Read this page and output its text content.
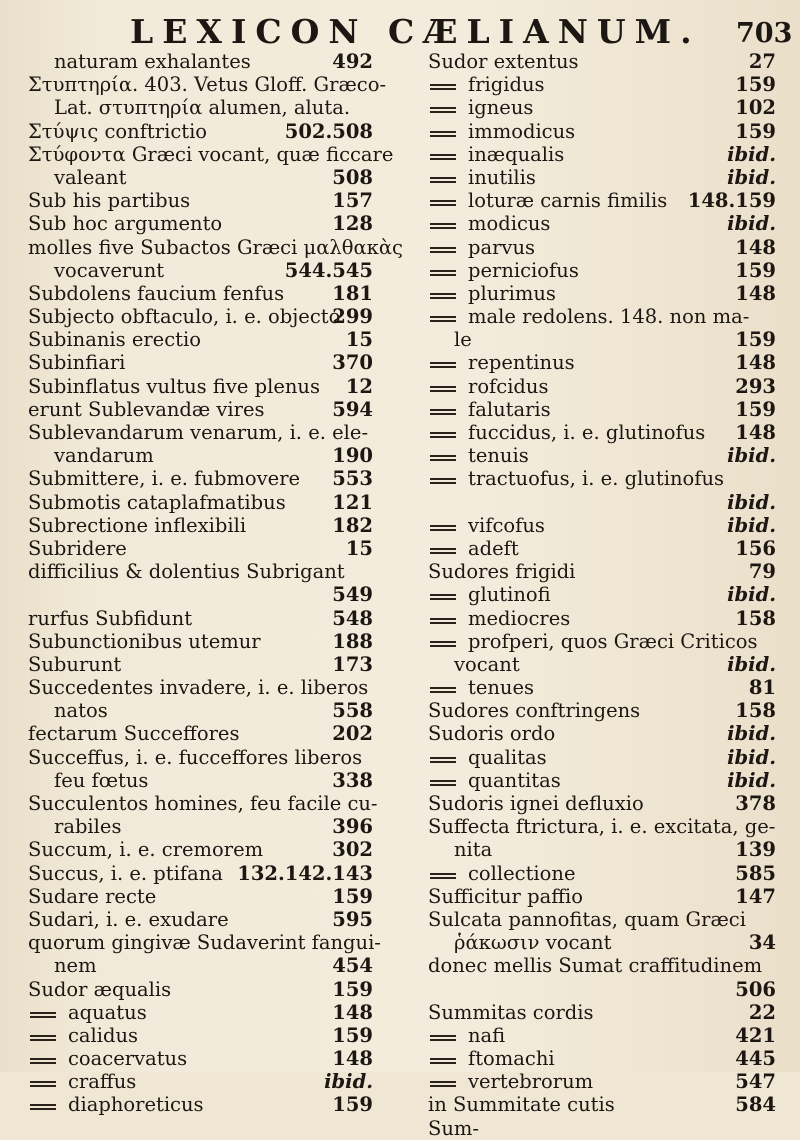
LEXICON CÆLIANUM. 703
naturam exhalantes	492
Στυπτηρία. 403. Vetus Gloff. Græco-
Lat. στυπτηρία alumen, aluta.
Στύψις conftrictio	502.508
Στύφοντα Græci vocant, quæ ficcare
valeant	508
Sub his partibus	157
Sub hoc argumento	128
molles five Subactos Græci μαλθακὰς
vocaverunt	544.545
Subdolens faucium fenfus 181
Subjecto obftaculo, i. e. objecto
299
Subinanis erectio	15
Subinfiari	370
Subinflatus vultus five plenus 12
erunt Sublevandæ vires	594
Sublevandarum venarum, i. e. ele-
vandarum	190
Submittere, i. e. fubmovere 553
Submotis cataplafmatibus 121
Subrectione inflexibili	182
Subridere	15
difficilius & dolentius Subrigant
549
rurfus Subfidunt	548
Subunctionibus utemur	188
Suburunt	173
Succedentes invadere, i. e. liberos
natos	558
fectarum Succeffores	202
Succeffus, i. e. fucceffores liberos
feu fœtus	338
Succulentos homines, feu facile cu-
rabiles	396
Succum, i. e. cremorem	302
Succus, i. e. ptifana 132.142.143
Sudare recte	159
Sudari, i. e. exudare	595
quorum gingivæ Sudaverint fangui-
nem	454
Sudor æqualis	159
aquatus	148
calidus	159
coacervatus	148
craffus	ibid.
diaphoreticus	159
Sudor extentus	27
frigidus	159
igneus	102
immodicus	159
inæqualis	ibid.
inutilis	ibid.
loturæ carnis fimilis 148.159
modicus	ibid.
parvus	148
perniciofus	159
plurimus	148
male redolens. 148. non ma-
le	159
repentinus	148
rofcidus	293
falutaris	159
fuccidus, i. e. glutinofus 148
tenuis	ibid.
tractuofus, i. e. glutinofus
ibid.
vifcofus	ibid.
adeft	156
Sudores frigidi	79
glutinofi	ibid.
mediocres	158
profperi, quos Græci Criticos
vocant	ibid.
tenues	81
Sudores conftringens	158
Sudoris ordo	ibid.
qualitas	ibid.
quantitas	ibid.
Sudoris ignei defluxio	378
Suffecta ftrictura, i. e. excitata, ge-
nita	139
collectione	585
Sufficitur paffio	147
Sulcata pannofitas, quam Græci
ῥάκωσιν vocant	34
donec mellis Sumat craffitudinem
506
Summitas cordis	22
nafi	421
ftomachi	445
vertebrorum	547
in Summitate cutis	584
Sum-
